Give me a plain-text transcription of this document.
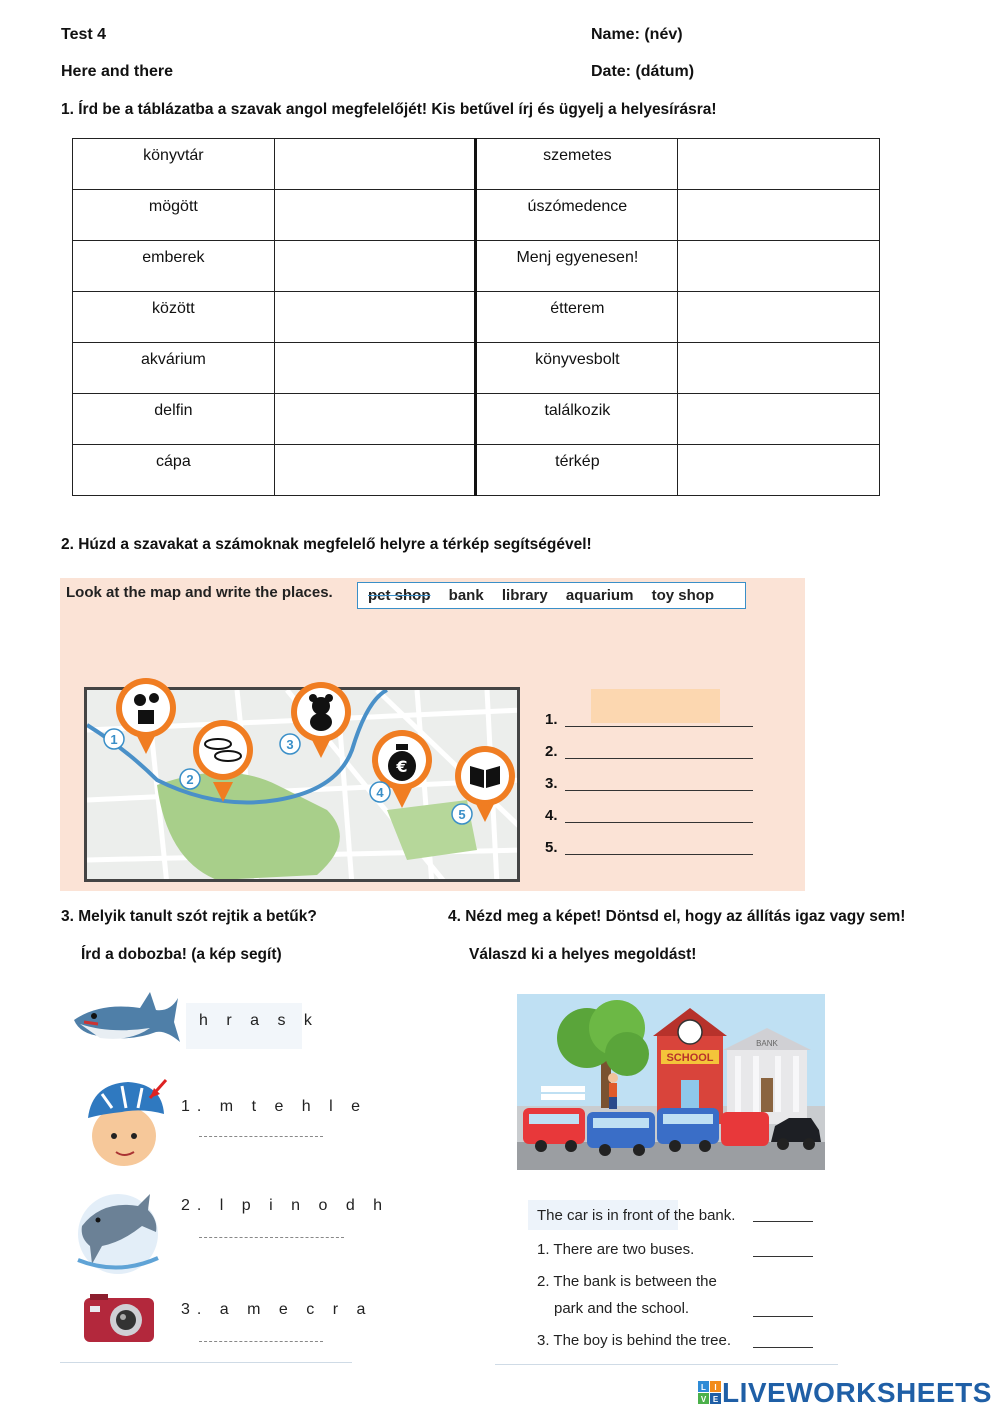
Test 4	Name: (név)
Here and there	Date: (dátum)
1. Írd be a táblázatba a szavak angol megfelelőjét! Kis betűvel írj és ügyelj a helyesírásra!
könyvtár		szemetes	
mögött		úszómedence	
emberek		Menj egyenesen!	
között		étterem	
akvárium		könyvesbolt	
delfin		találkozik	
cápa		térkép	
2. Húzd a szavakat a számoknak megfelelő helyre a térkép segítségével!
Look at the map and write the places.	pet shop bank library aquarium toy shop
€
1
2
3
4
5
1.
2.
3.
4.
5.
3. Melyik tanult szót rejtik a betűk?
Írd a dobozba! (a kép segít)
h r a s k
1. m t e h l e
2. l p i n o d h
3. a m e c r a
4. Nézd meg a képet! Döntsd el, hogy az állítás igaz vagy sem!
Válaszd ki a helyes megoldást!
SCHOOL
BANK
The car is in front of the bank.
1. There are two buses.
2. The bank is between the
park and the school.
3. The boy is behind the tree.
L I
V E LIVEWORKSHEETS
